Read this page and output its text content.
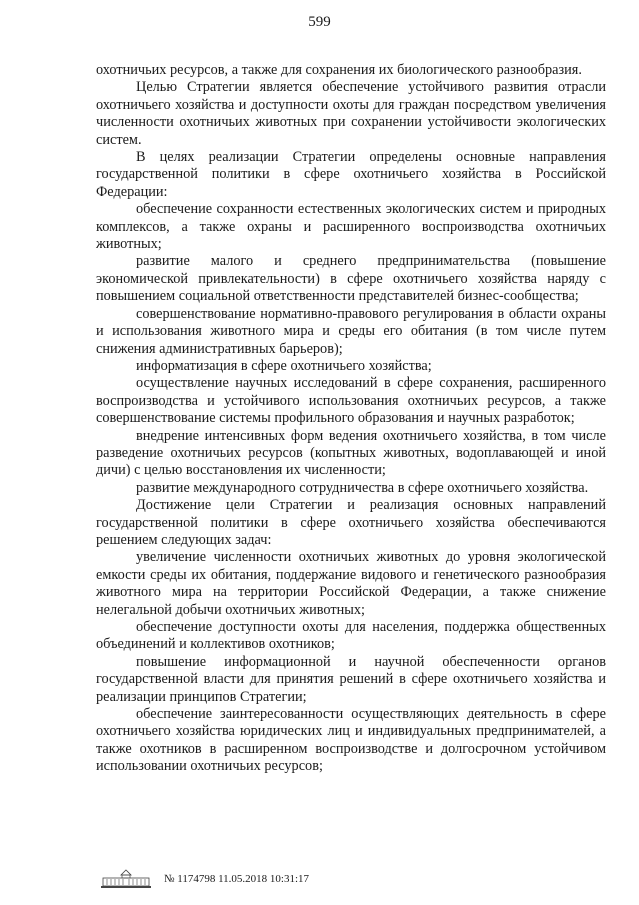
599

охотничьих ресурсов, а также для сохранения их биологического разнообразия.

Целью Стратегии является обеспечение устойчивого развития отрасли охотничьего хозяйства и доступности охоты для граждан посредством увеличения численности охотничьих животных при сохранении устойчивости экологических систем.

В целях реализации Стратегии определены основные направления государственной политики в сфере охотничьего хозяйства в Российской Федерации:

обеспечение сохранности естественных экологических систем и природных комплексов, а также охраны и расширенного воспроизводства охотничьих животных;

развитие малого и среднего предпринимательства (повышение экономической привлекательности) в сфере охотничьего хозяйства наряду с повышением социальной ответственности представителей бизнес-сообщества;

совершенствование нормативно-правового регулирования в области охраны и использования животного мира и среды его обитания (в том числе путем снижения административных барьеров);

информатизация в сфере охотничьего хозяйства;

осуществление научных исследований в сфере сохранения, расширенного воспроизводства и устойчивого использования охотничьих ресурсов, а также совершенствование системы профильного образования и научных разработок;

внедрение интенсивных форм ведения охотничьего хозяйства, в том числе разведение охотничьих ресурсов (копытных животных, водоплавающей и иной дичи) с целью восстановления их численности;

развитие международного сотрудничества в сфере охотничьего хозяйства.

Достижение цели Стратегии и реализация основных направлений государственной политики в сфере охотничьего хозяйства обеспечиваются решением следующих задач:

увеличение численности охотничьих животных до уровня экологической емкости среды их обитания, поддержание видового и генетического разнообразия животного мира на территории Российской Федерации, а также снижение нелегальной добычи охотничьих животных;

обеспечение доступности охоты для населения, поддержка общественных объединений и коллективов охотников;

повышение информационной и научной обеспеченности органов государственной власти для принятия решений в сфере охотничьего хозяйства и реализации принципов Стратегии;

обеспечение заинтересованности осуществляющих деятельность в сфере охотничьего хозяйства юридических лиц и индивидуальных предпринимателей, а также охотников в расширенном воспроизводстве и долгосрочном устойчивом использовании охотничьих ресурсов;

№ 1174798 11.05.2018 10:31:17
